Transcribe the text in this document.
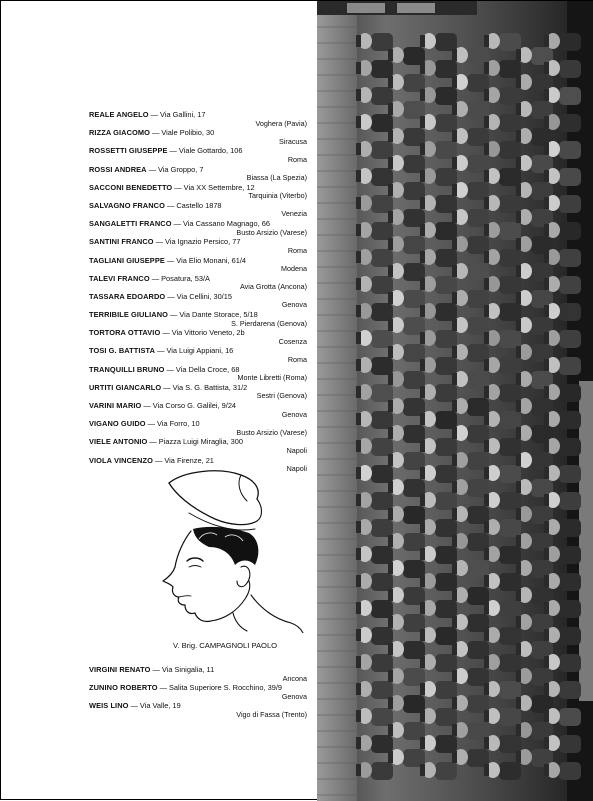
REALE ANGELO — Via Gallini, 17
Voghera (Pavia)
RIZZA GIACOMO — Viale Polibio, 30
Siracusa
ROSSETTI GIUSEPPE — Viale Gottardo, 106
Roma
ROSSI ANDREA — Via Groppo, 7
Biassa (La Spezia)
SACCONI BENEDETTO — Via XX Settembre, 12
Tarquinia (Viterbo)
SALVAGNO FRANCO — Castello 1878
Venezia
SANGALETTI FRANCO — Via Cassano Magnago, 66
Busto Arsizio (Varese)
SANTINI FRANCO — Via Ignazio Persico, 77
Roma
TAGLIANI GIUSEPPE — Via Elio Monani, 61/4
Modena
TALEVI FRANCO — Posatura, 53/A
Avia Grotta (Ancona)
TASSARA EDOARDO — Via Cellini, 30/15
Genova
TERRIBILE GIULIANO — Via Dante Storace, 5/18
S. Pierdarena (Genova)
TORTORA OTTAVIO — Via Vittorio Veneto, 2b
Cosenza
TOSI G. BATTISTA — Via Luigi Appiani, 16
Roma
TRANQUILLI BRUNO — Via Della Croce, 68
Monte Libretti (Roma)
URTITI GIANCARLO — Via S. G. Battista, 31/2
Sestri (Genova)
VARINI MARIO — Via Corso G. Galilei, 9/24
Genova
VIGANO GUIDO — Via Forro, 10
Busto Arsizio (Varese)
VIELE ANTONIO — Piazza Luigi Miraglia, 300
Napoli
VIOLA VINCENZO — Via Firenze, 21
Napoli
V. Brig. CAMPAGNOLI PAOLO
VIRGINI RENATO — Via Sinigalia, 11
Ancona
ZUNINO ROBERTO — Salita Superiore S. Rocchino, 39/9
Genova
WEIS LINO — Via Valle, 19
Vigo di Fassa (Trento)
